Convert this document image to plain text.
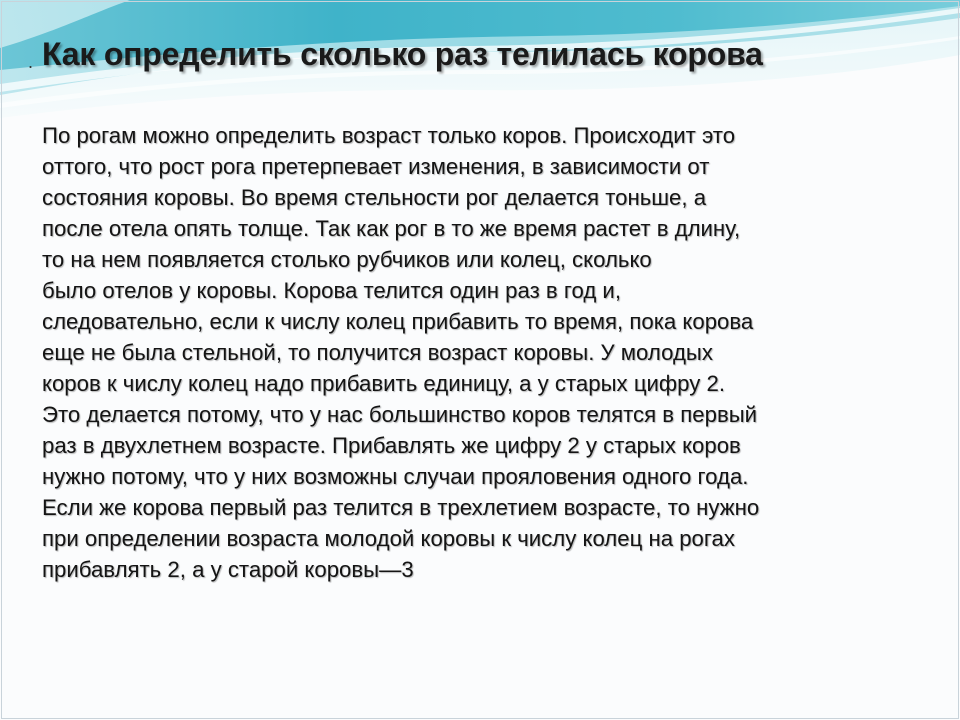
. Как определить сколько раз телилась корова

По рогам можно определить возраст только коров. Происходит это
оттого, что рост рога претерпевает изменения, в зависимости от
состояния коровы. Во время стельности рог делается тоньше, а
после отела опять толще. Так как рог в то же время растет в длину,
то на нем появляется столько рубчиков или колец, сколько
было отелов у коровы. Корова телится один раз в год и,
следовательно, если к числу колец прибавить то время, пока корова
еще не была стельной, то получится возраст коровы. У молодых
коров к числу колец надо прибавить единицу, а у старых цифру 2.
Это делается потому, что у нас большинство коров телятся в первый
раз в двухлетнем возрасте. Прибавлять же цифру 2 у старых коров
нужно потому, что у них возможны случаи прояловения одного года.
Если же корова первый раз телится в трехлетием возрасте, то нужно
при определении возраста молодой коровы к числу колец на рогах
прибавлять 2, а у старой коровы—3
